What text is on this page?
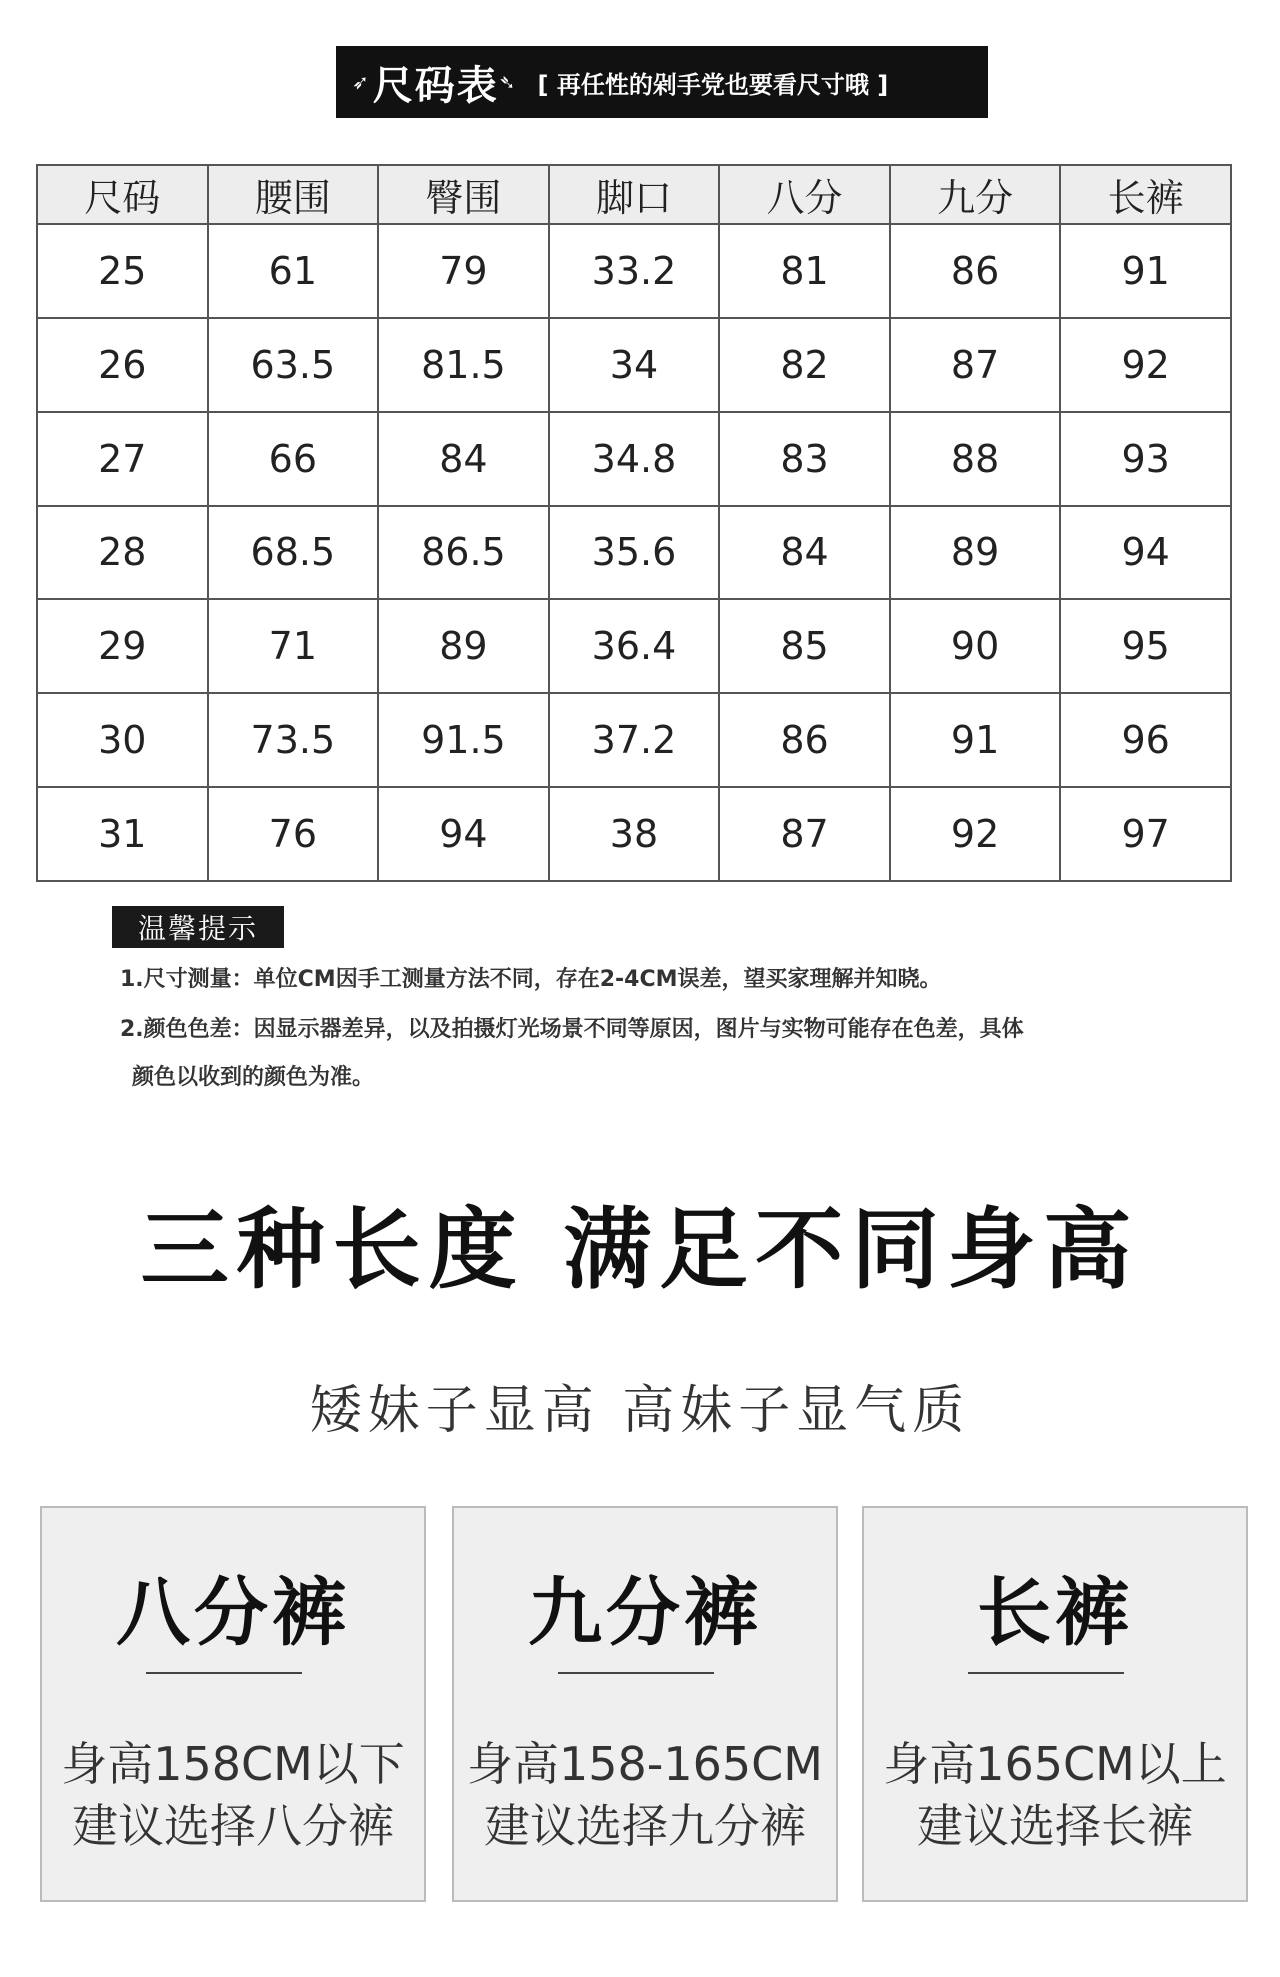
➶ 尺码表 ➴ [ 再任性的剁手党也要看尺寸哦 ]
尺码	腰围	臀围	脚口	八分	九分	长裤
25	61	79	33.2	81	86	91
26	63.5	81.5	34	82	87	92
27	66	84	34.8	83	88	93
28	68.5	86.5	35.6	84	89	94
29	71	89	36.4	85	90	95
30	73.5	91.5	37.2	86	91	96
31	76	94	38	87	92	97
温馨提示
1.尺寸测量：单位CM因手工测量方法不同，存在2-4CM误差，望买家理解并知晓。
2.颜色色差：因显示器差异，以及拍摄灯光场景不同等原因，图片与实物可能存在色差，具体
颜色以收到的颜色为准。
三种长度 满足不同身高
矮妹子显高 高妹子显气质
八分裤
身高158CM以下
建议选择八分裤
九分裤
身高158-165CM
建议选择九分裤
长裤
身高165CM以上
建议选择长裤
